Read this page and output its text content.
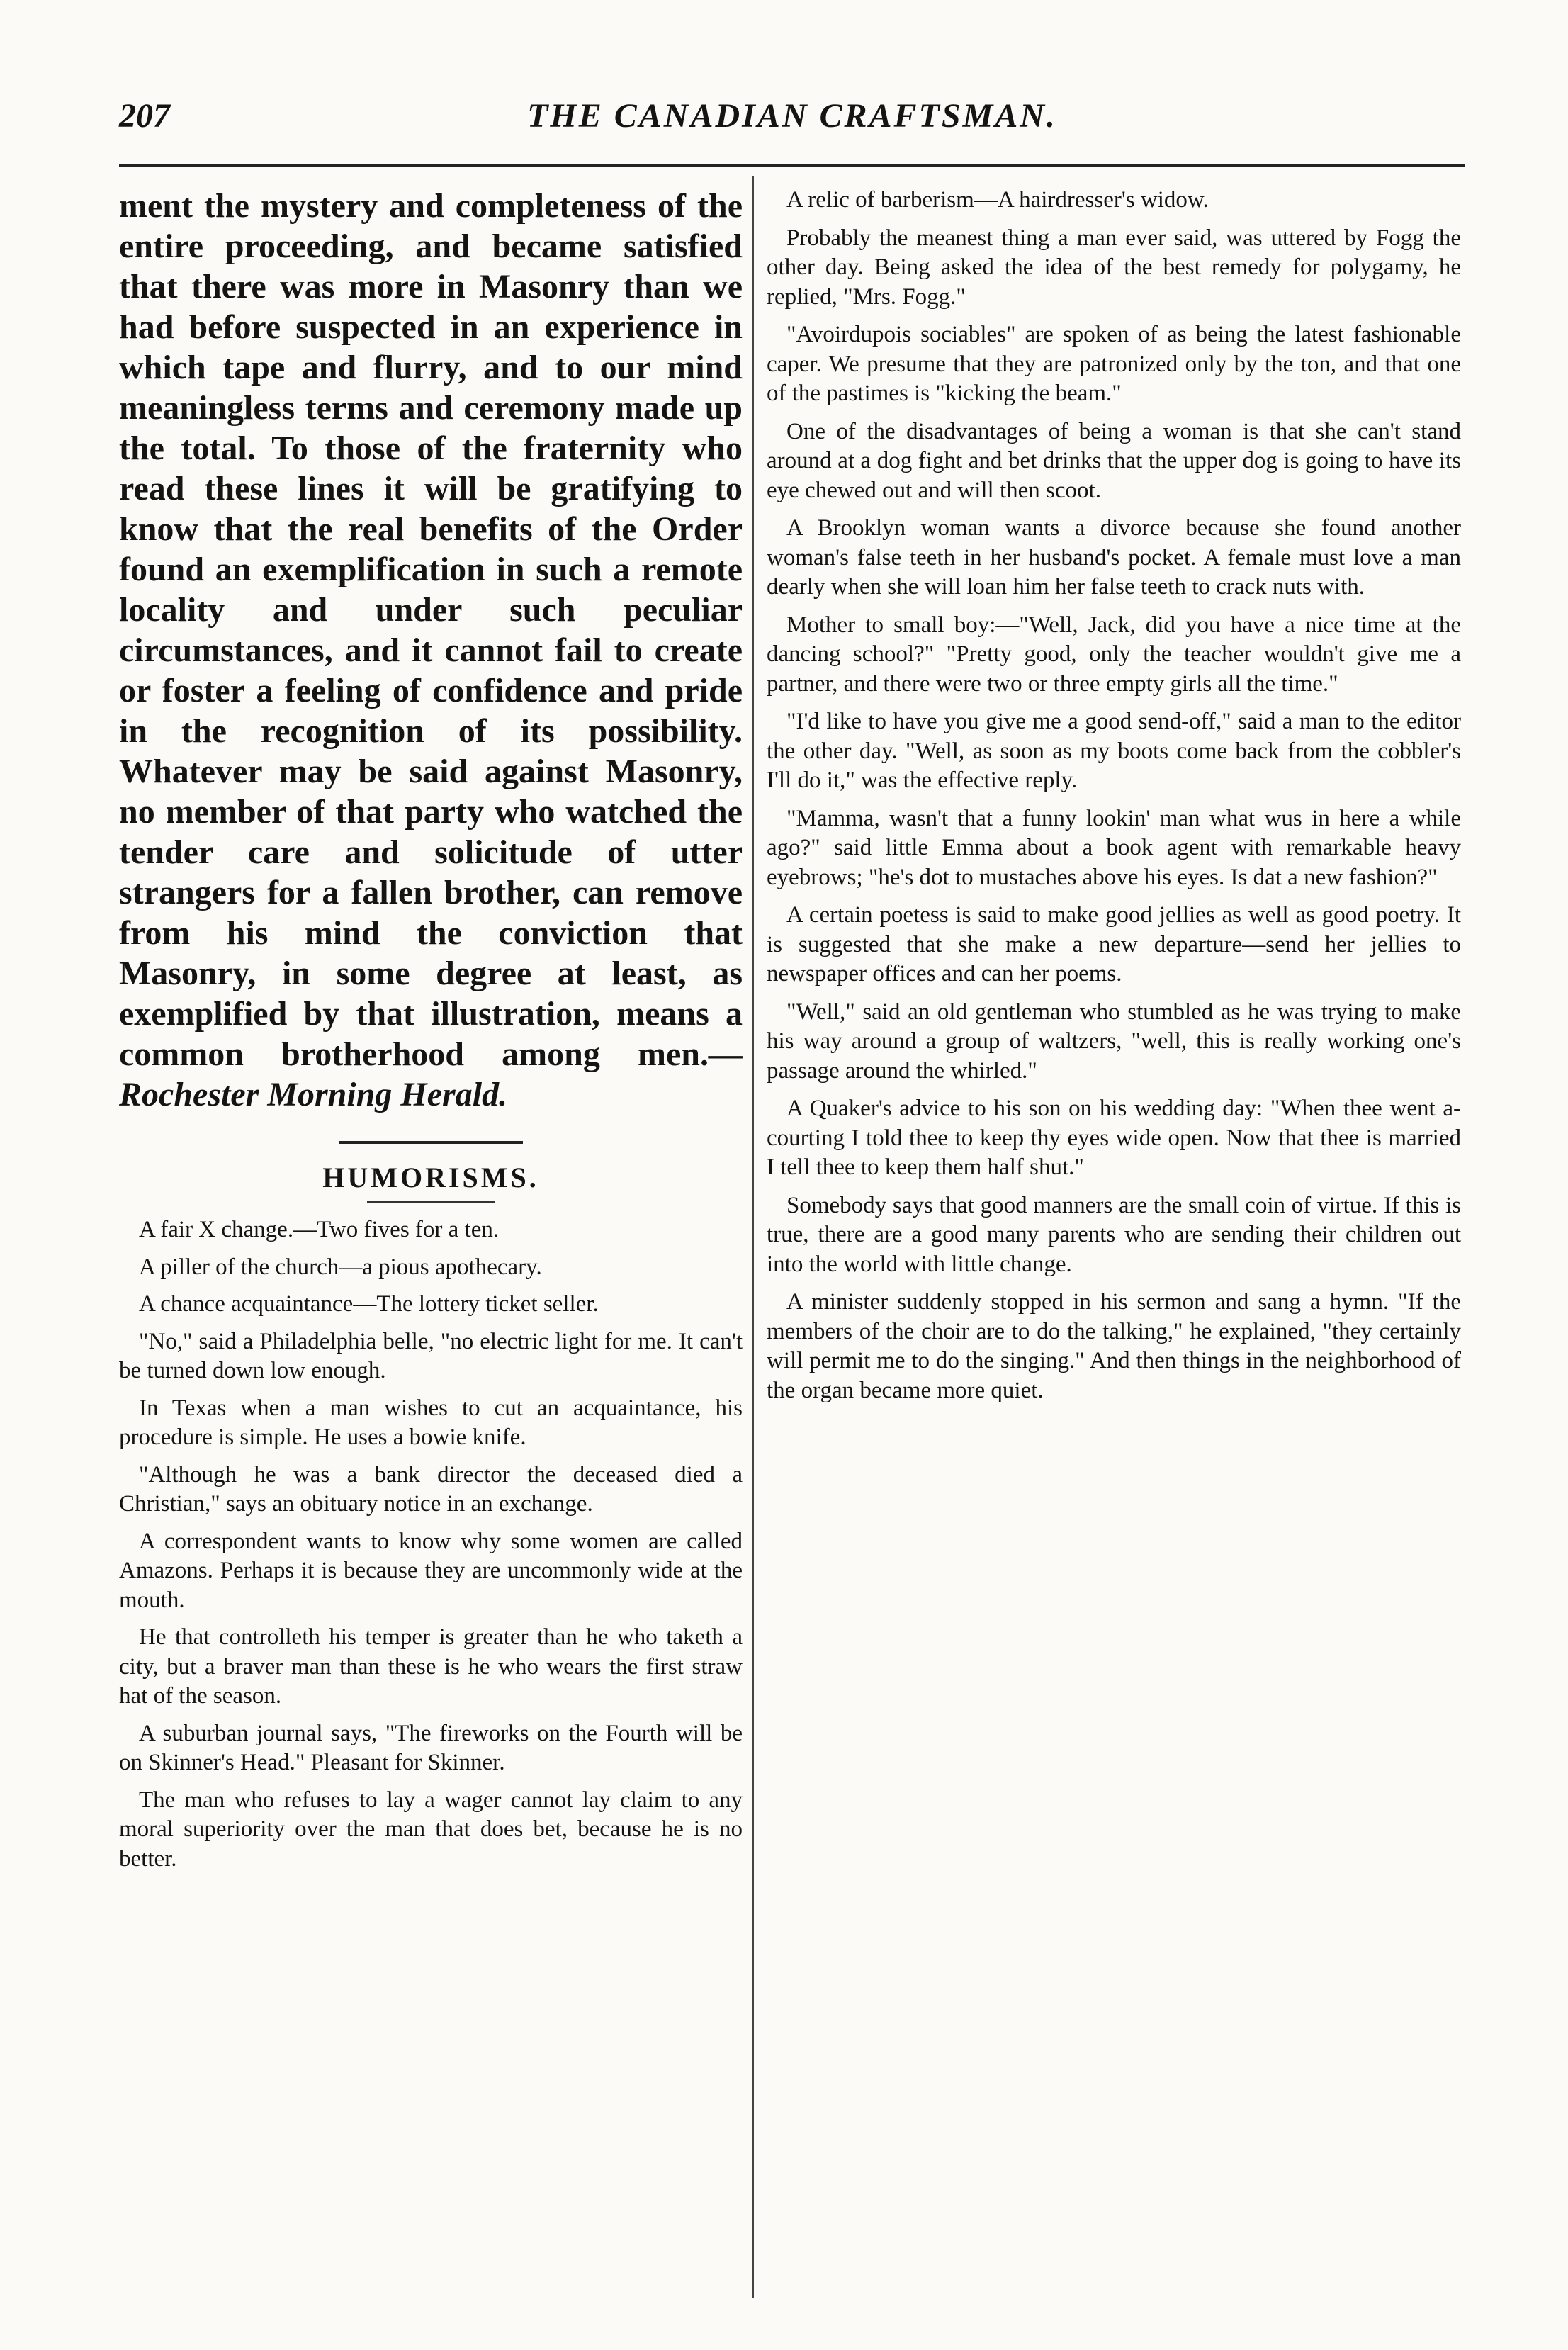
THE CANADIAN CRAFTSMAN.
207

ment the mystery and completeness of the entire proceeding, and became satisfied that there was more in Masonry than we had before suspected in an experience in which tape and flurry, and to our mind meaningless terms and ceremony made up the total. To those of the fraternity who read these lines it will be gratifying to know that the real benefits of the Order found an exemplification in such a remote locality and under such peculiar circumstances, and it cannot fail to create or foster a feeling of confidence and pride in the recognition of its possibility. Whatever may be said against Masonry, no member of that party who watched the tender care and solicitude of utter strangers for a fallen brother, can remove from his mind the conviction that Masonry, in some degree at least, as exemplified by that illustration, means a common brotherhood among men.—Rochester Morning Herald.

HUMORISMS.

A fair X change.—Two fives for a ten.

A piller of the church—a pious apothecary.

A chance acquaintance—The lottery ticket seller.

"No," said a Philadelphia belle, "no electric light for me. It can't be turned down low enough.

In Texas when a man wishes to cut an acquaintance, his procedure is simple. He uses a bowie knife.

"Although he was a bank director the deceased died a Christian," says an obituary notice in an exchange.

A correspondent wants to know why some women are called Amazons. Perhaps it is because they are uncommonly wide at the mouth.

He that controlleth his temper is greater than he who taketh a city, but a braver man than these is he who wears the first straw hat of the season.

A suburban journal says, "The fireworks on the Fourth will be on Skinner's Head." Pleasant for Skinner.

The man who refuses to lay a wager cannot lay claim to any moral superiority over the man that does bet, because he is no better.

A relic of barberism—A hairdresser's widow.

Probably the meanest thing a man ever said, was uttered by Fogg the other day. Being asked the idea of the best remedy for polygamy, he replied, "Mrs. Fogg."

"Avoirdupois sociables" are spoken of as being the latest fashionable caper. We presume that they are patronized only by the ton, and that one of the pastimes is "kicking the beam."

One of the disadvantages of being a woman is that she can't stand around at a dog fight and bet drinks that the upper dog is going to have its eye chewed out and will then scoot.

A Brooklyn woman wants a divorce because she found another woman's false teeth in her husband's pocket. A female must love a man dearly when she will loan him her false teeth to crack nuts with.

Mother to small boy:—"Well, Jack, did you have a nice time at the dancing school?" "Pretty good, only the teacher wouldn't give me a partner, and there were two or three empty girls all the time."

"I'd like to have you give me a good send-off," said a man to the editor the other day. "Well, as soon as my boots come back from the cobbler's I'll do it," was the effective reply.

"Mamma, wasn't that a funny lookin' man what wus in here a while ago?" said little Emma about a book agent with remarkable heavy eyebrows; "he's dot to mustaches above his eyes. Is dat a new fashion?"

A certain poetess is said to make good jellies as well as good poetry. It is suggested that she make a new departure—send her jellies to newspaper offices and can her poems.

"Well," said an old gentleman who stumbled as he was trying to make his way around a group of waltzers, "well, this is really working one's passage around the whirled."

A Quaker's advice to his son on his wedding day: "When thee went a-courting I told thee to keep thy eyes wide open. Now that thee is married I tell thee to keep them half shut."

Somebody says that good manners are the small coin of virtue. If this is true, there are a good many parents who are sending their children out into the world with little change.

A minister suddenly stopped in his sermon and sang a hymn. "If the members of the choir are to do the talking," he explained, "they certainly will permit me to do the singing." And then things in the neighborhood of the organ became more quiet.
